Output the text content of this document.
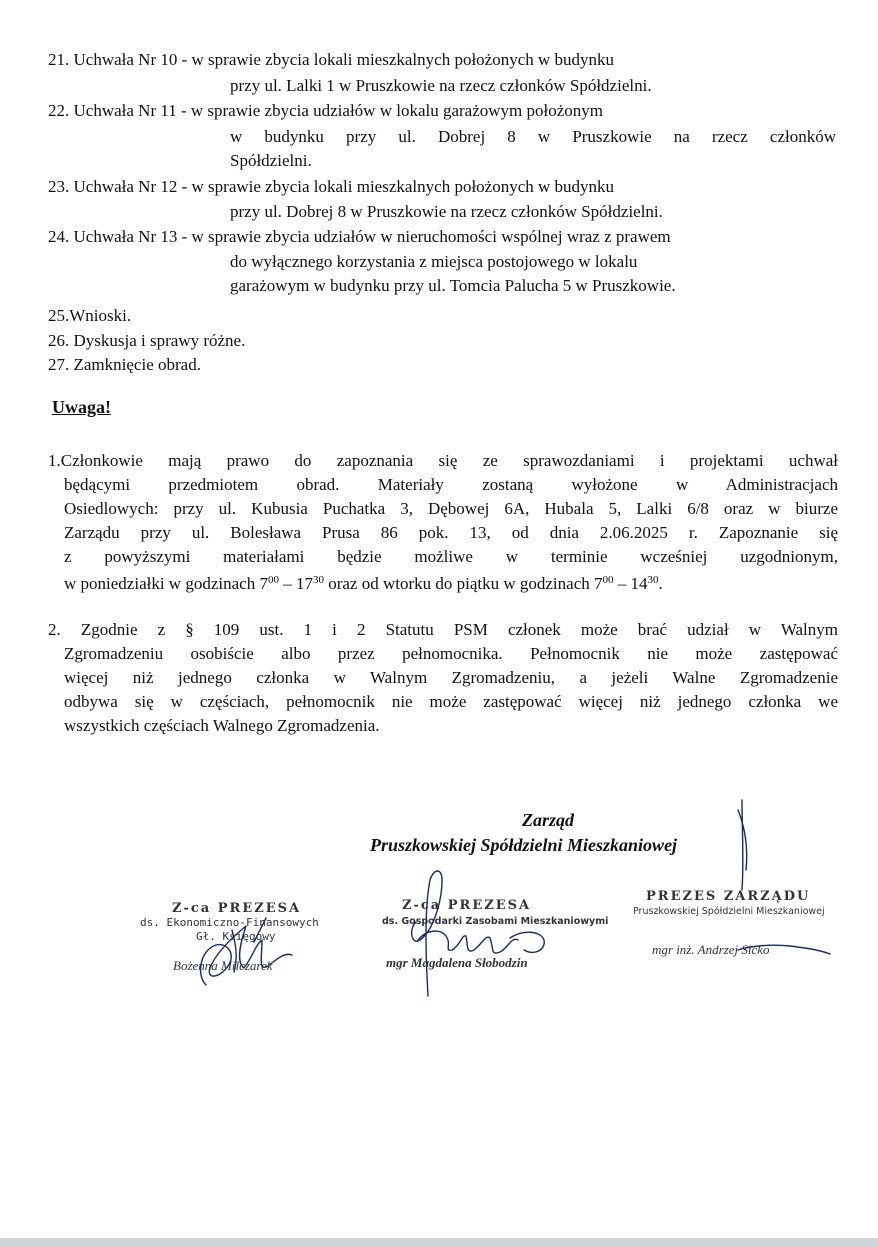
21. Uchwała Nr 10 - w sprawie zbycia lokali mieszkalnych położonych w budynku
przy ul. Lalki 1 w Pruszkowie na rzecz członków Spółdzielni.
22. Uchwała Nr 11 - w sprawie zbycia udziałów w lokalu garażowym położonym
w budynku przy ul. Dobrej 8 w Pruszkowie na rzecz członków
Spółdzielni.
23. Uchwała Nr 12 - w sprawie zbycia lokali mieszkalnych położonych w budynku
przy ul. Dobrej 8 w Pruszkowie na rzecz członków Spółdzielni.
24. Uchwała Nr 13 - w sprawie zbycia udziałów w nieruchomości wspólnej wraz z prawem
do wyłącznego korzystania z miejsca postojowego w lokalu
garażowym w budynku przy ul. Tomcia Palucha 5 w Pruszkowie.
25.Wnioski.
26. Dyskusja i sprawy różne.
27. Zamknięcie obrad.
Uwaga!
1.Członkowie mają prawo do zapoznania się ze sprawozdaniami i projektami uchwał
będącymi przedmiotem obrad. Materiały zostaną wyłożone w Administracjach
Osiedlowych: przy ul. Kubusia Puchatka 3, Dębowej 6A, Hubala 5, Lalki 6/8 oraz w biurze
Zarządu przy ul. Bolesława Prusa 86 pok. 13, od dnia 2.06.2025 r. Zapoznanie się
z powyższymi materiałami będzie możliwe w terminie wcześniej uzgodnionym,
w poniedziałki w godzinach $7^{00} - 17^{30}$ oraz od wtorku do piątku w godzinach $7^{00} - 14^{30}$.
2. Zgodnie z § 109 ust. 1 i 2 Statutu PSM członek może brać udział w Walnym
Zgromadzeniu osobiście albo przez pełnomocnika. Pełnomocnik nie może zastępować
więcej niż jednego członka w Walnym Zgromadzeniu, a jeżeli Walne Zgromadzenie
odbywa się w częściach, pełnomocnik nie może zastępować więcej niż jednego członka we
wszystkich częściach Walnego Zgromadzenia.
Zarząd
Pruszkowskiej Spółdzielni Mieszkaniowej
Z-ca PREZESA
ds. Ekonomiczno-Finansowych
Gł. Księgowy
Bożenna Milczarek
Z-ca PREZESA
ds. Gospodarki Zasobami Mieszkaniowymi
mgr Magdalena Słobodzin
PREZES ZARZĄDU
Pruszkowskiej Spółdzielni Mieszkaniowej
mgr inż. Andrzej Sicko
